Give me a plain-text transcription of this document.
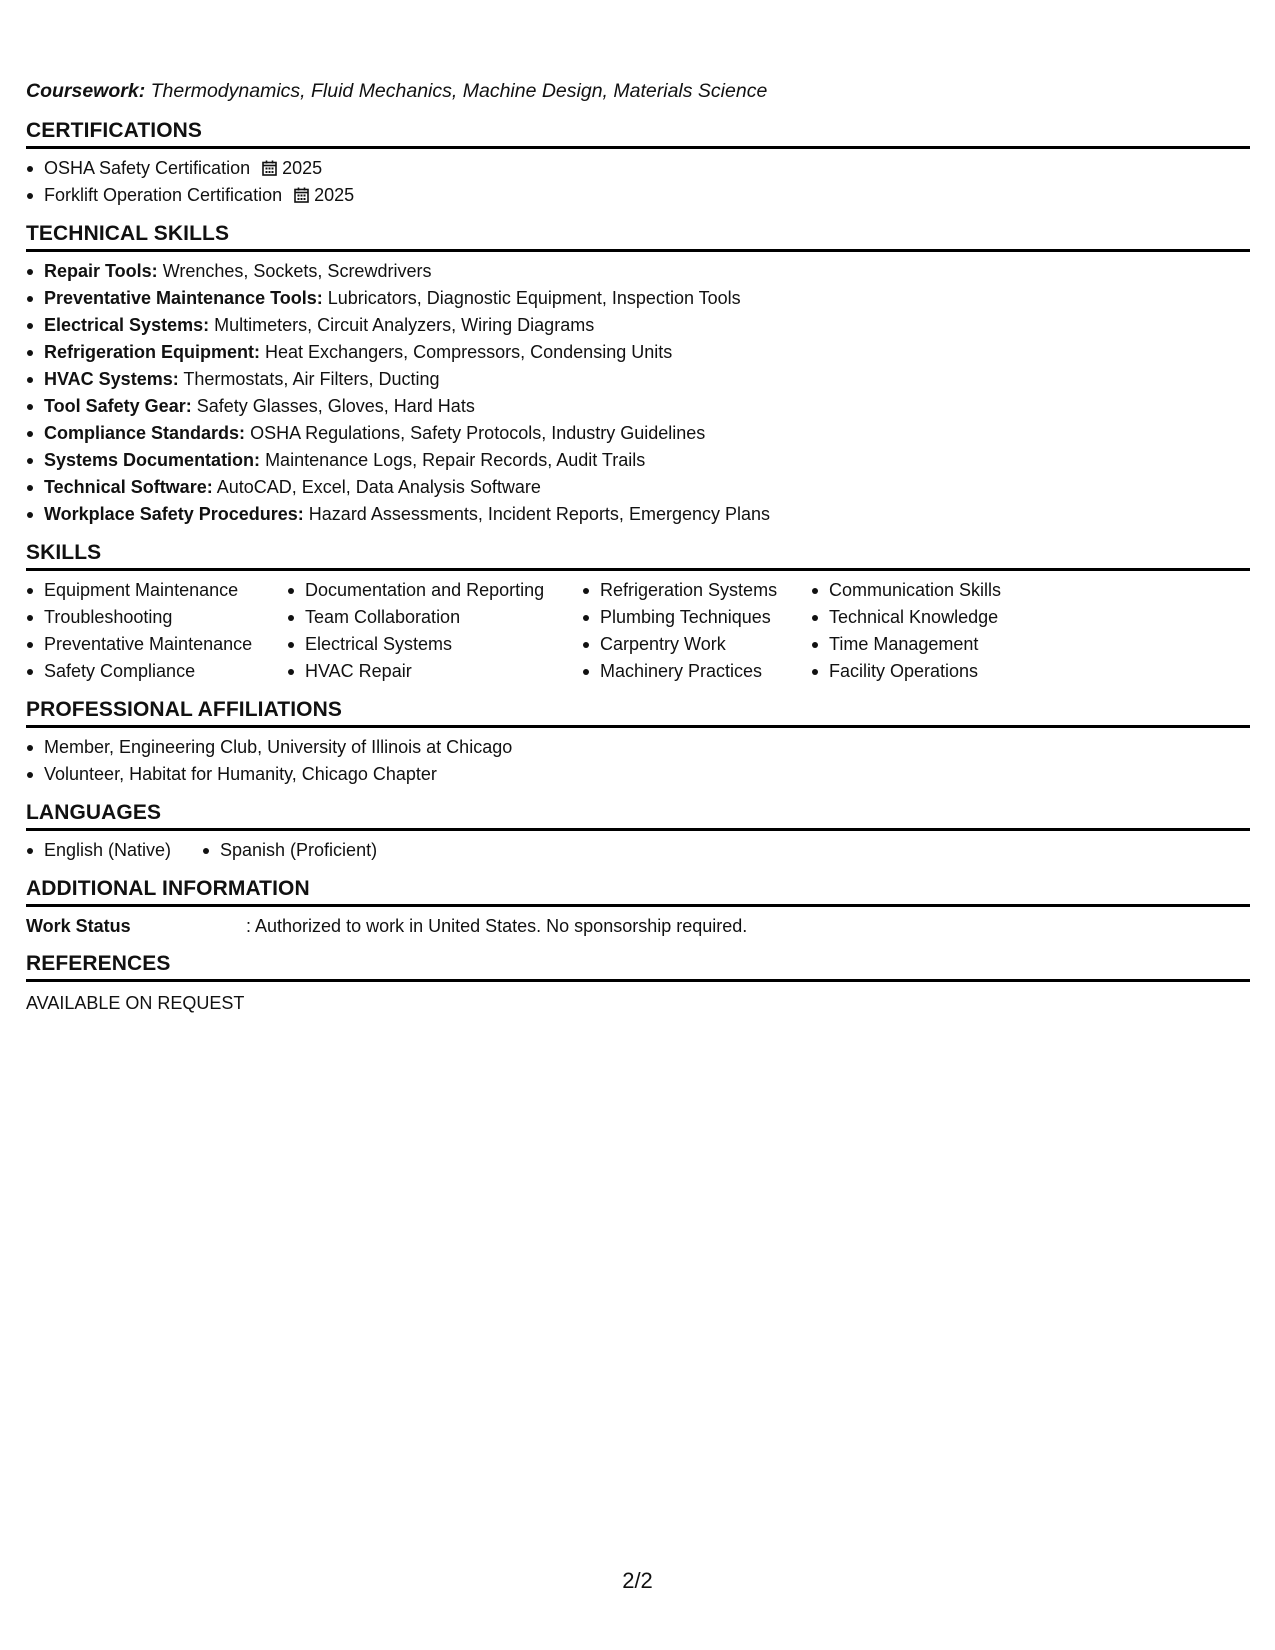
Coursework: Thermodynamics, Fluid Mechanics, Machine Design, Materials Science
CERTIFICATIONS
OSHA Safety Certification 2025
Forklift Operation Certification 2025
TECHNICAL SKILLS
Repair Tools: Wrenches, Sockets, Screwdrivers
Preventative Maintenance Tools: Lubricators, Diagnostic Equipment, Inspection Tools
Electrical Systems: Multimeters, Circuit Analyzers, Wiring Diagrams
Refrigeration Equipment: Heat Exchangers, Compressors, Condensing Units
HVAC Systems: Thermostats, Air Filters, Ducting
Tool Safety Gear: Safety Glasses, Gloves, Hard Hats
Compliance Standards: OSHA Regulations, Safety Protocols, Industry Guidelines
Systems Documentation: Maintenance Logs, Repair Records, Audit Trails
Technical Software: AutoCAD, Excel, Data Analysis Software
Workplace Safety Procedures: Hazard Assessments, Incident Reports, Emergency Plans
SKILLS
Equipment Maintenance
Troubleshooting
Preventative Maintenance
Safety Compliance
Documentation and Reporting
Team Collaboration
Electrical Systems
HVAC Repair
Refrigeration Systems
Plumbing Techniques
Carpentry Work
Machinery Practices
Communication Skills
Technical Knowledge
Time Management
Facility Operations
PROFESSIONAL AFFILIATIONS
Member, Engineering Club, University of Illinois at Chicago
Volunteer, Habitat for Humanity, Chicago Chapter
LANGUAGES
English (Native)	Spanish (Proficient)
ADDITIONAL INFORMATION
Work Status	: Authorized to work in United States. No sponsorship required.
REFERENCES
AVAILABLE ON REQUEST
2/2
